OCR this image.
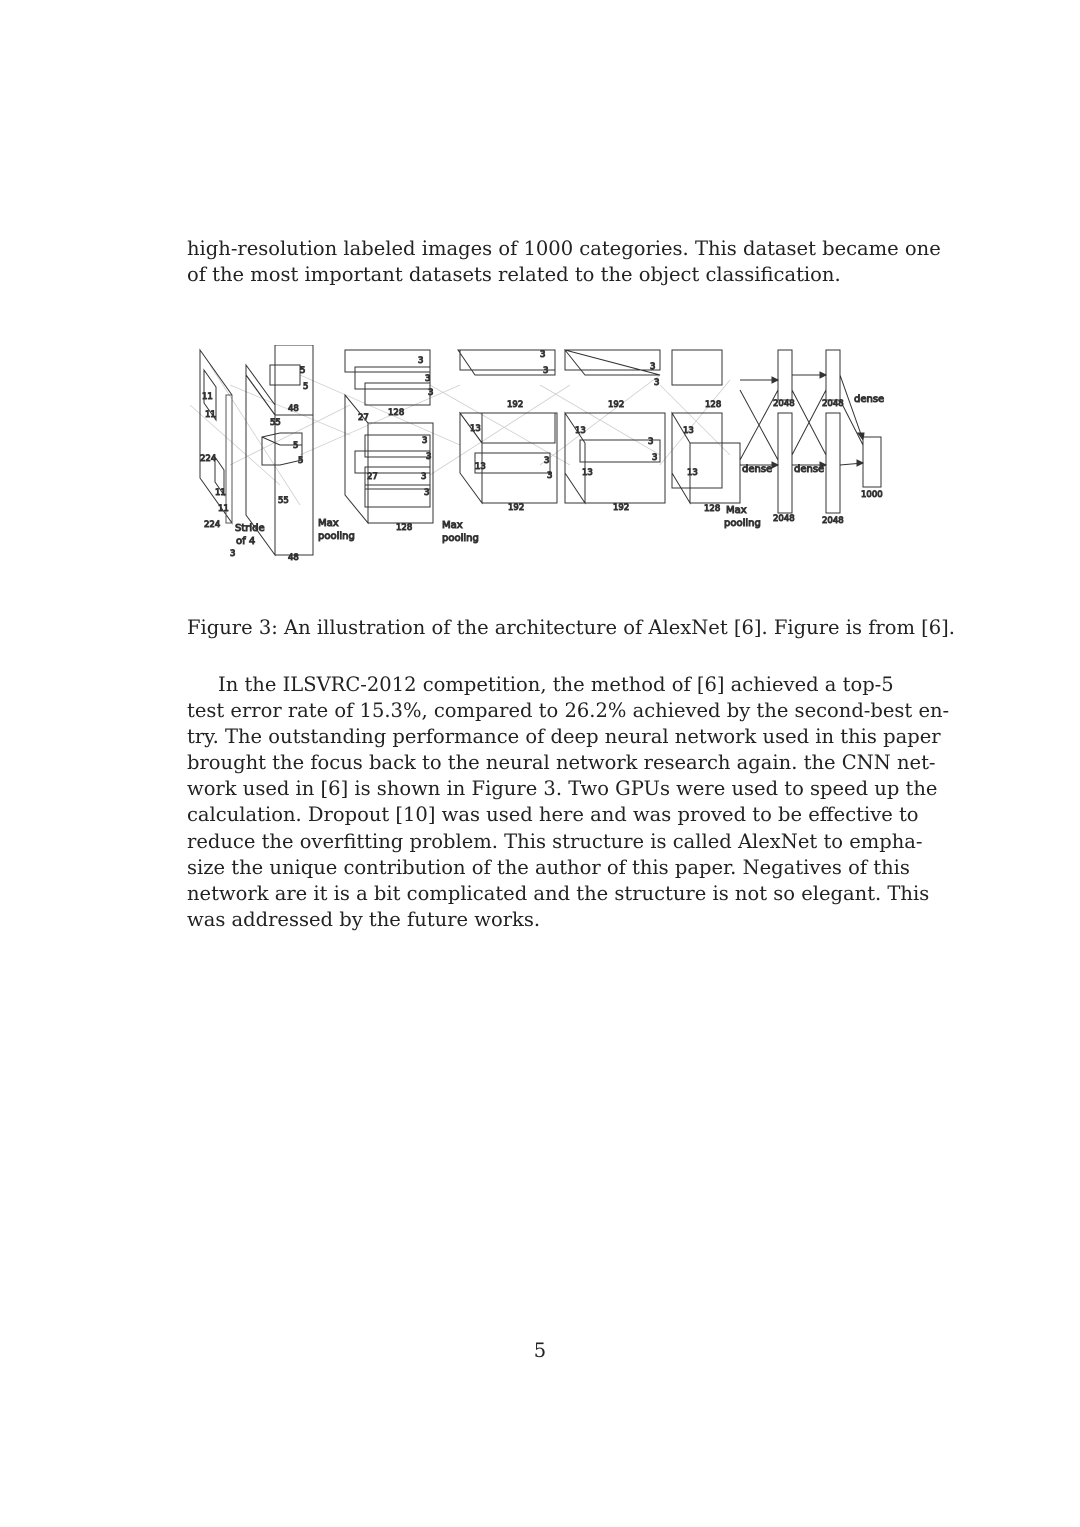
high-resolution labeled images of 1000 categories. This dataset became one
of the most important datasets related to the object classification.

11
11
224
11
11
224 Stride
of 4
3
5
5
48
55
5
5
55
48
Max
pooling
3
3
3
27 128
3
3
27	3
3
128	Max
pooling
3
3
192
13
13
3
3
192
3
3
192
13
13
3
3
192
128
13
13
128 Max
pooling
2048	2048 dense
dense dense
2048	2048
1000

Figure 3: An illustration of the architecture of AlexNet [6]. Figure is from [6].

In the ILSVRC-2012 competition, the method of [6] achieved a top-5
test error rate of 15.3%, compared to 26.2% achieved by the second-best en-
try. The outstanding performance of deep neural network used in this paper
brought the focus back to the neural network research again. the CNN net-
work used in [6] is shown in Figure 3. Two GPUs were used to speed up the
calculation. Dropout [10] was used here and was proved to be effective to
reduce the overfitting problem. This structure is called AlexNet to empha-
size the unique contribution of the author of this paper. Negatives of this
network are it is a bit complicated and the structure is not so elegant. This
was addressed by the future works.

5
